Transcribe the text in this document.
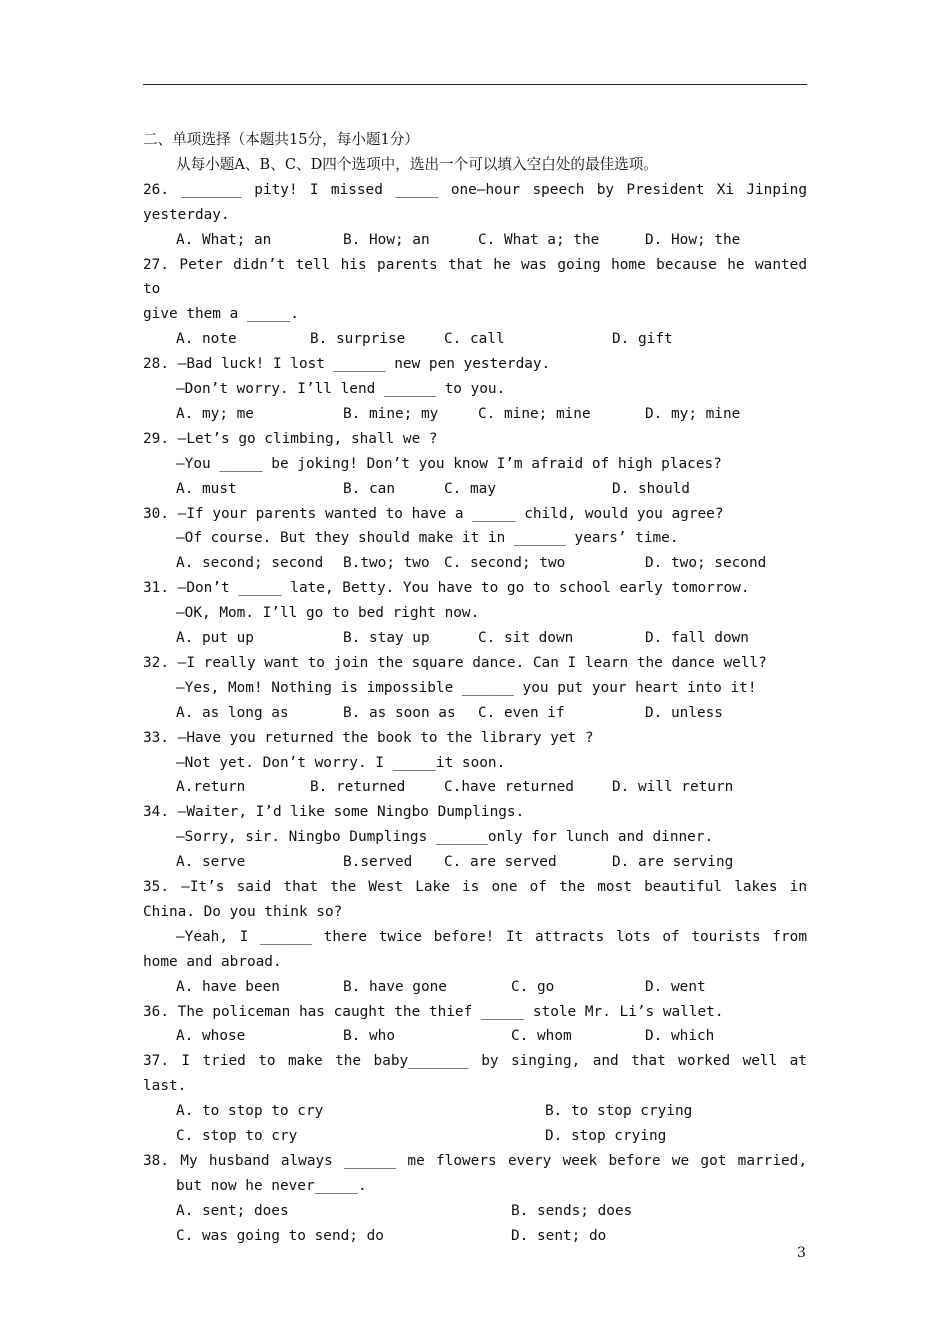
二、单项选择（本题共15分，每小题1分）
从每小题A、B、C、D四个选项中，选出一个可以填入空白处的最佳选项。
26. _______ pity! I missed _____ one—hour speech by President Xi Jinping
yesterday.
A. What; an	B. How; an	C. What a; the	D. How; the
27. Peter didn’t tell his parents that he was going home because he wanted to
give them a _____.
A. note	B. surprise	C. call	D. gift
28. —Bad luck! I lost ______ new pen yesterday.
—Don’t worry. I’ll lend ______ to you.
A. my; me	B. mine; my	C. mine; mine	D. my; mine
29. —Let’s go climbing, shall we ?
—You _____ be joking! Don’t you know I’m afraid of high places?
A. must	B. can	C. may	D. should
30. —If your parents wanted to have a _____ child, would you agree?
—Of course. But they should make it in ______ years’ time.
A. second; second B.two; two C. second; two	D. two; second
31. —Don’t _____ late, Betty. You have to go to school early tomorrow.
—OK, Mom. I’ll go to bed right now.
A. put up	B. stay up	C. sit down	D. fall down
32. —I really want to join the square dance. Can I learn the dance well?
—Yes, Mom! Nothing is impossible ______ you put your heart into it!
A. as long as	B. as soon as C. even if	D. unless
33. —Have you returned the book to the library yet ?
—Not yet. Don’t worry. I _____it soon.
A.return	B. returned	C.have returned	D. will return
34. —Waiter, I’d like some Ningbo Dumplings.
—Sorry, sir. Ningbo Dumplings ______only for lunch and dinner.
A. serve	B.served C. are served	D. are serving
35. —It’s said that the West Lake is one of the most beautiful lakes in
China. Do you think so?
—Yeah, I ______ there twice before! It attracts lots of tourists from
home and abroad.
A. have been	B. have gone	C. go	D. went
36. The policeman has caught the thief _____ stole Mr. Li’s wallet.
A. whose	B. who	C. whom	D. which
37. I tried to make the baby_______ by singing, and that worked well at
last.
A. to stop to cry	B. to stop crying
C. stop to cry	D. stop crying
38. My husband always ______ me flowers every week before we got married,
but now he never_____.
A. sent; does	B. sends; does
C. was going to send; do	D. sent; do
3
